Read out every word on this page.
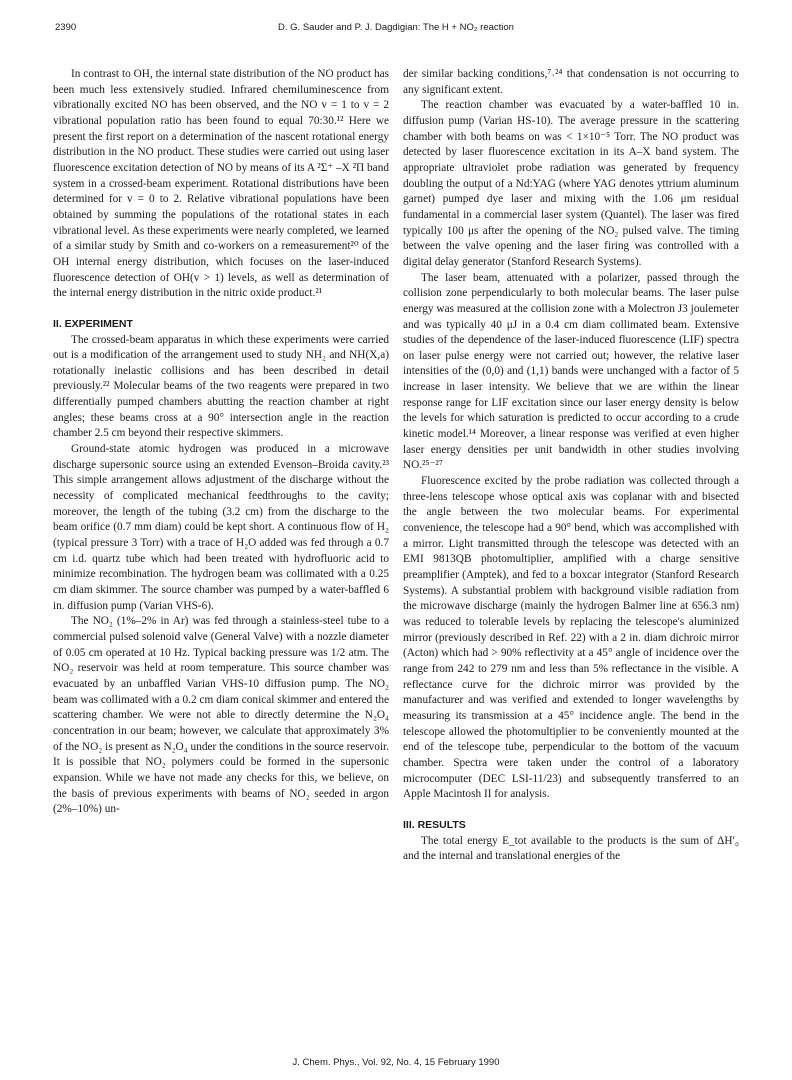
2390	D. G. Sauder and P. J. Dagdigian: The H + NO₂ reaction

In contrast to OH, the internal state distribution of the NO product has been much less extensively studied. Infrared chemiluminescence from vibrationally excited NO has been observed, and the NO v = 1 to v = 2 vibrational population ratio has been found to equal 70:30.¹² Here we present the first report on a determination of the nascent rotational energy distribution in the NO product. These studies were carried out using laser fluorescence excitation detection of NO by means of its A ²Σ⁺ –X ²Π band system in a crossed-beam experiment. Rotational distributions have been determined for v = 0 to 2. Relative vibrational populations have been obtained by summing the populations of the rotational states in each vibrational level. As these experiments were nearly completed, we learned of a similar study by Smith and co-workers on a remeasurement²⁰ of the OH internal energy distribution, which focuses on the laser-induced fluorescence detection of OH(v > 1) levels, as well as determination of the internal energy distribution in the nitric oxide product.²¹

II. EXPERIMENT

The crossed-beam apparatus in which these experiments were carried out is a modification of the arrangement used to study NH₂ and NH(X,a) rotationally inelastic collisions and has been described in detail previously.²² Molecular beams of the two reagents were prepared in two differentially pumped chambers abutting the reaction chamber at right angles; these beams cross at a 90° intersection angle in the reaction chamber 2.5 cm beyond their respective skimmers.

Ground-state atomic hydrogen was produced in a microwave discharge supersonic source using an extended Evenson–Broida cavity.²³ This simple arrangement allows adjustment of the discharge without the necessity of complicated mechanical feedthroughs to the cavity; moreover, the length of the tubing (3.2 cm) from the discharge to the beam orifice (0.7 mm diam) could be kept short. A continuous flow of H₂ (typical pressure 3 Torr) with a trace of H₂O added was fed through a 0.7 cm i.d. quartz tube which had been treated with hydrofluoric acid to minimize recombination. The hydrogen beam was collimated with a 0.25 cm diam skimmer. The source chamber was pumped by a water-baffled 6 in. diffusion pump (Varian VHS-6).

The NO₂ (1%–2% in Ar) was fed through a stainless-steel tube to a commercial pulsed solenoid valve (General Valve) with a nozzle diameter of 0.05 cm operated at 10 Hz. Typical backing pressure was 1/2 atm. The NO₂ reservoir was held at room temperature. This source chamber was evacuated by an unbaffled Varian VHS-10 diffusion pump. The NO₂ beam was collimated with a 0.2 cm diam conical skimmer and entered the scattering chamber. We were not able to directly determine the N₂O₄ concentration in our beam; however, we calculate that approximately 3% of the NO₂ is present as N₂O₄ under the conditions in the source reservoir. It is possible that NO₂ polymers could be formed in the supersonic expansion. While we have not made any checks for this, we believe, on the basis of previous experiments with beams of NO₂ seeded in argon (2%–10%) un-

der similar backing conditions,⁷˒²⁴ that condensation is not occurring to any significant extent.

The reaction chamber was evacuated by a water-baffled 10 in. diffusion pump (Varian HS-10). The average pressure in the scattering chamber with both beams on was < 1×10⁻⁵ Torr. The NO product was detected by laser fluorescence excitation in its A–X band system. The appropriate ultraviolet probe radiation was generated by frequency doubling the output of a Nd:YAG (where YAG denotes yttrium aluminum garnet) pumped dye laser and mixing with the 1.06 μm residual fundamental in a commercial laser system (Quantel). The laser was fired typically 100 μs after the opening of the NO₂ pulsed valve. The timing between the valve opening and the laser firing was controlled with a digital delay generator (Stanford Research Systems).

The laser beam, attenuated with a polarizer, passed through the collision zone perpendicularly to both molecular beams. The laser pulse energy was measured at the collision zone with a Molectron J3 joulemeter and was typically 40 μJ in a 0.4 cm diam collimated beam. Extensive studies of the dependence of the laser-induced fluorescence (LIF) spectra on laser pulse energy were not carried out; however, the relative laser intensities of the (0,0) and (1,1) bands were unchanged with a factor of 5 increase in laser intensity. We believe that we are within the linear response range for LIF excitation since our laser energy density is below the levels for which saturation is predicted to occur according to a crude kinetic model.¹⁴ Moreover, a linear response was verified at even higher laser energy densities per unit bandwidth in other studies involving NO.²⁵⁻²⁷

Fluorescence excited by the probe radiation was collected through a three-lens telescope whose optical axis was coplanar with and bisected the angle between the two molecular beams. For experimental convenience, the telescope had a 90° bend, which was accomplished with a mirror. Light transmitted through the telescope was detected with an EMI 9813QB photomultiplier, amplified with a charge sensitive preamplifier (Amptek), and fed to a boxcar integrator (Stanford Research Systems). A substantial problem with background visible radiation from the microwave discharge (mainly the hydrogen Balmer line at 656.3 nm) was reduced to tolerable levels by replacing the telescope's aluminized mirror (previously described in Ref. 22) with a 2 in. diam dichroic mirror (Acton) which had > 90% reflectivity at a 45° angle of incidence over the range from 242 to 279 nm and less than 5% reflectance in the visible. A reflectance curve for the dichroic mirror was provided by the manufacturer and was verified and extended to longer wavelengths by measuring its transmission at a 45° incidence angle. The bend in the telescope allowed the photomultiplier to be conveniently mounted at the end of the telescope tube, perpendicular to the bottom of the vacuum chamber. Spectra were taken under the control of a laboratory microcomputer (DEC LSI-11/23) and subsequently transferred to an Apple Macintosh II for analysis.

III. RESULTS

The total energy E_tot available to the products is the sum of ΔH′₀ and the internal and translational energies of the

J. Chem. Phys., Vol. 92, No. 4, 15 February 1990
